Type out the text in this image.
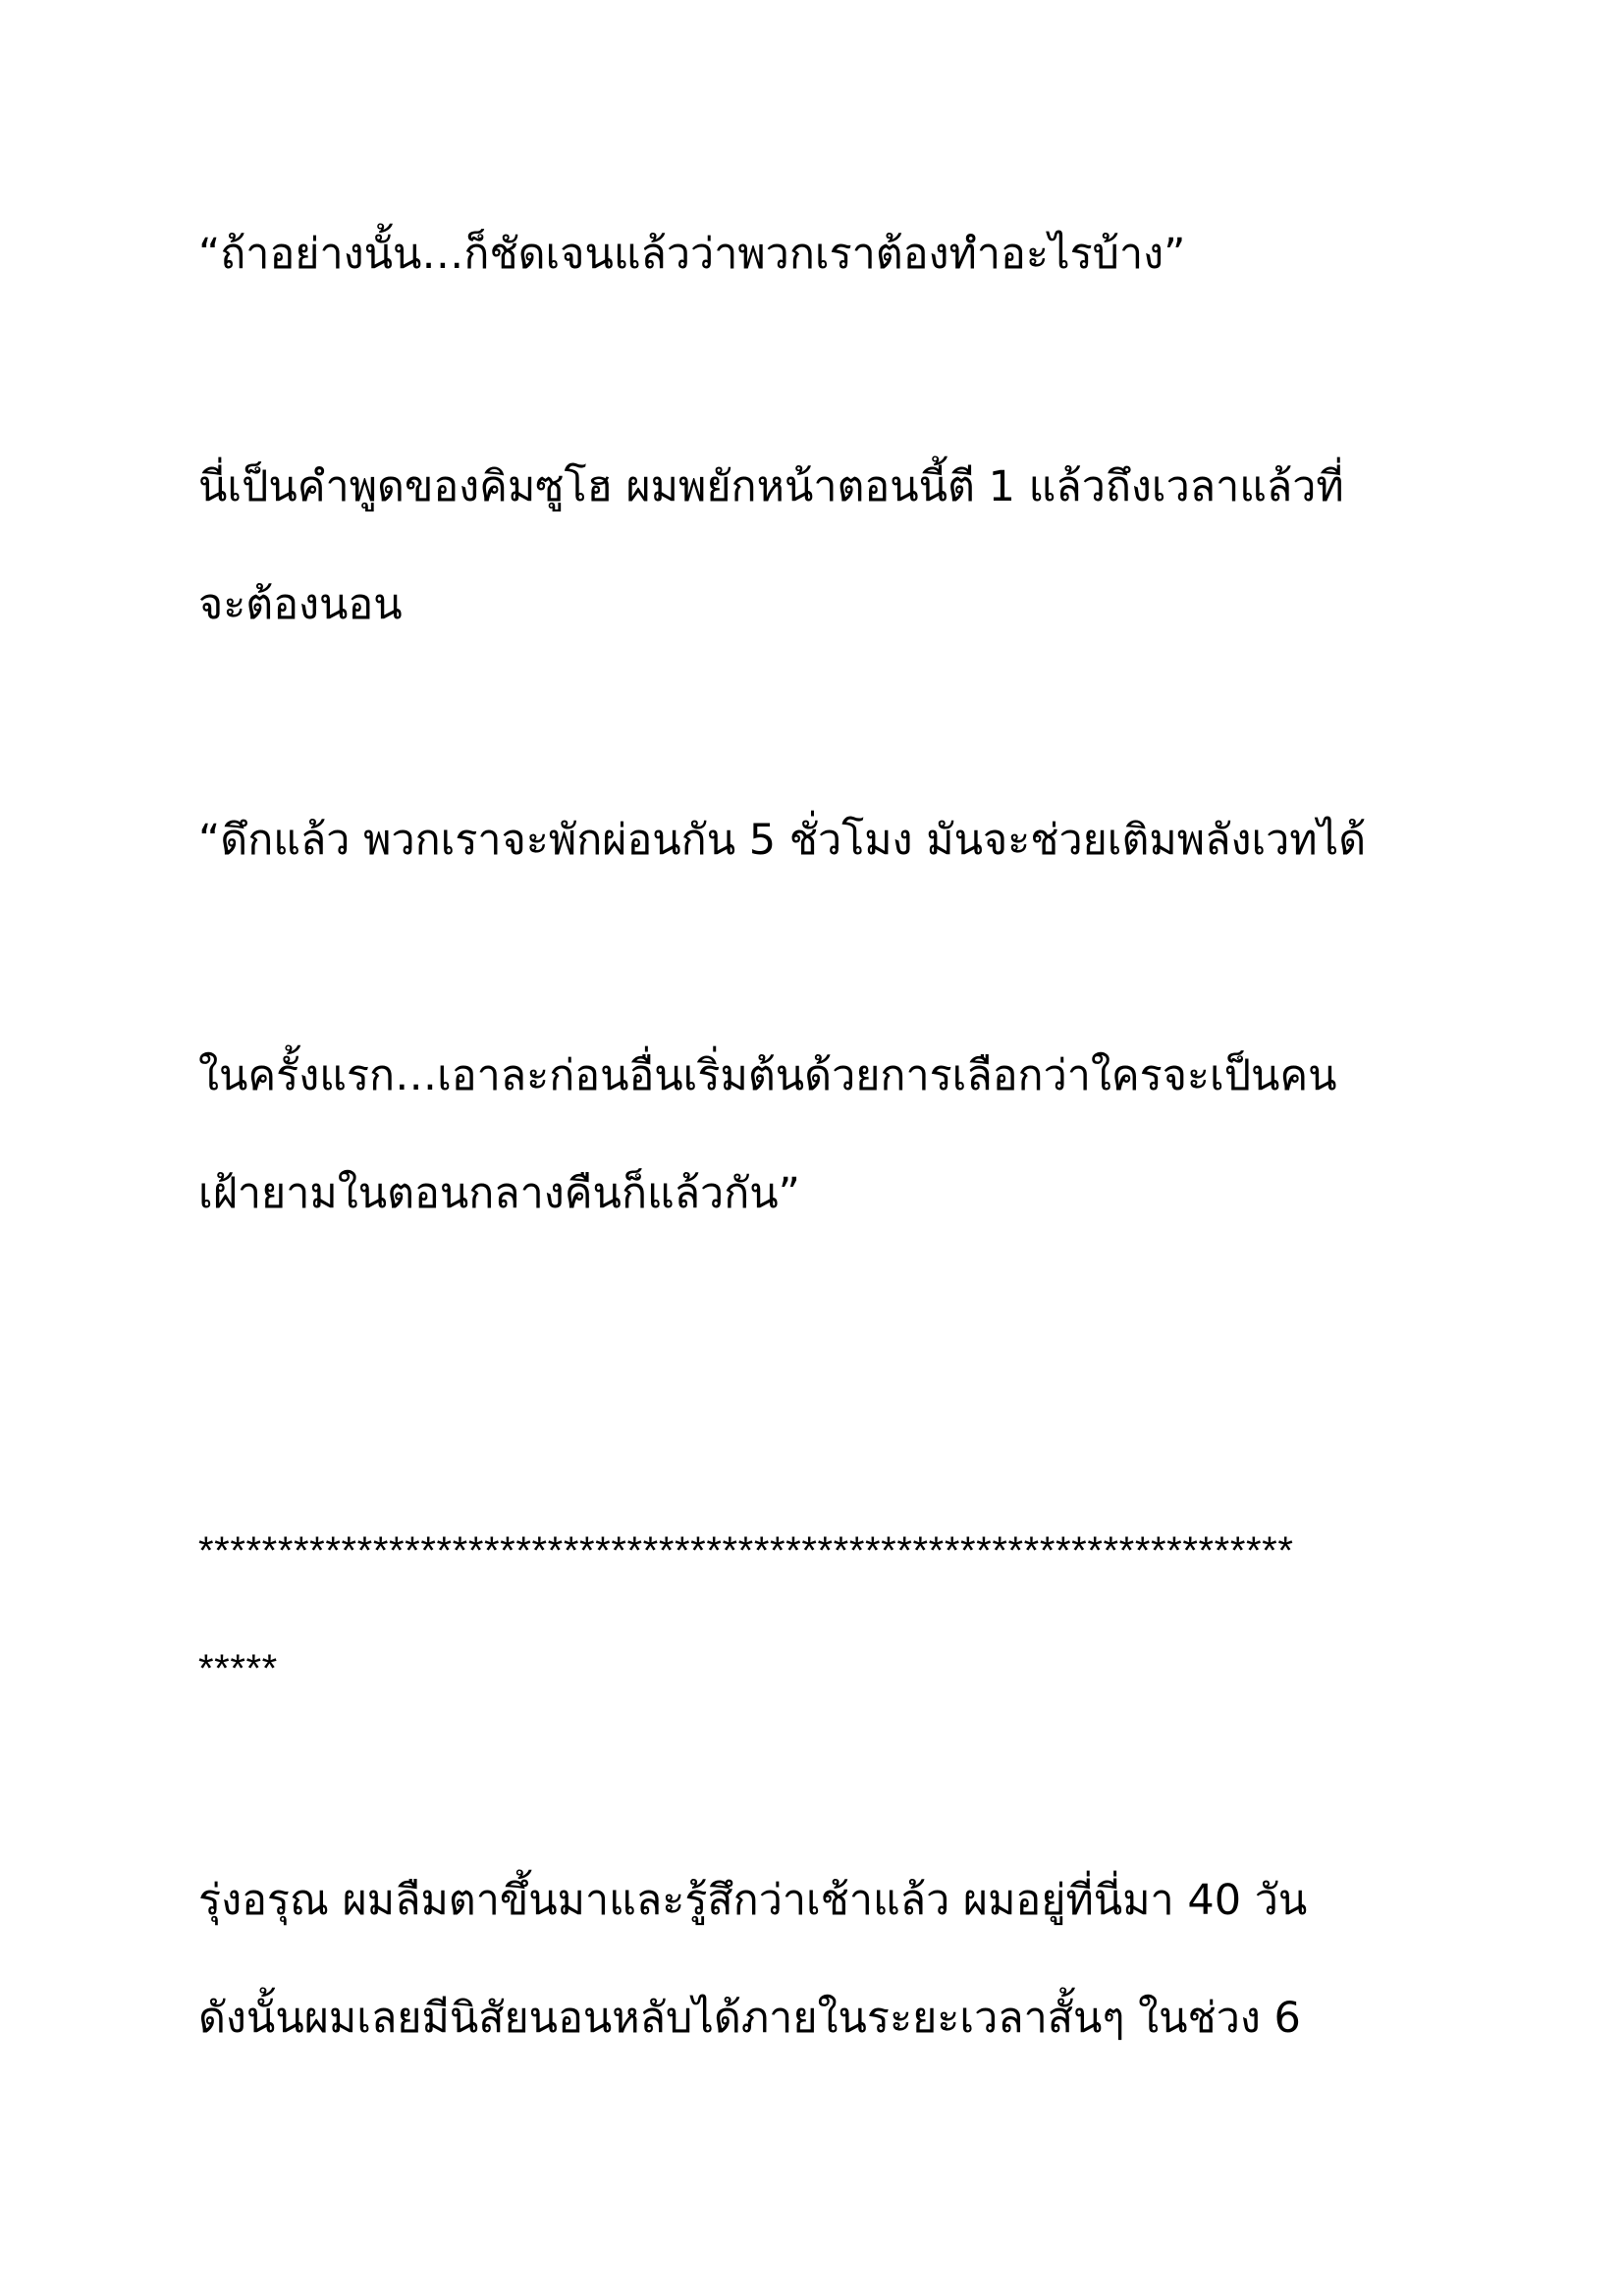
“ถ้าอย่างนั้น…ก็ชัดเจนแล้วว่าพวกเราต้องทำอะไรบ้าง”
นี่เป็นคำพูดของคิมซูโฮ ผมพยักหน้าตอนนี้ตี 1 แล้วถึงเวลาแล้วที่
จะต้องนอน
“ดึกแล้ว พวกเราจะพักผ่อนกัน 5 ชั่วโมง มันจะช่วยเติมพลังเวทได้
ในครั้งแรก…เอาละก่อนอื่นเริ่มต้นด้วยการเลือกว่าใครจะเป็นคน
เฝ้ายามในตอนกลางคืนก็แล้วกัน”
*********************************************************************
*****
รุ่งอรุณ ผมลืมตาขึ้นมาและรู้สึกว่าเช้าแล้ว ผมอยู่ที่นี่มา 40 วัน
ดังนั้นผมเลยมีนิสัยนอนหลับได้ภายในระยะเวลาสั้นๆ ในช่วง 6
